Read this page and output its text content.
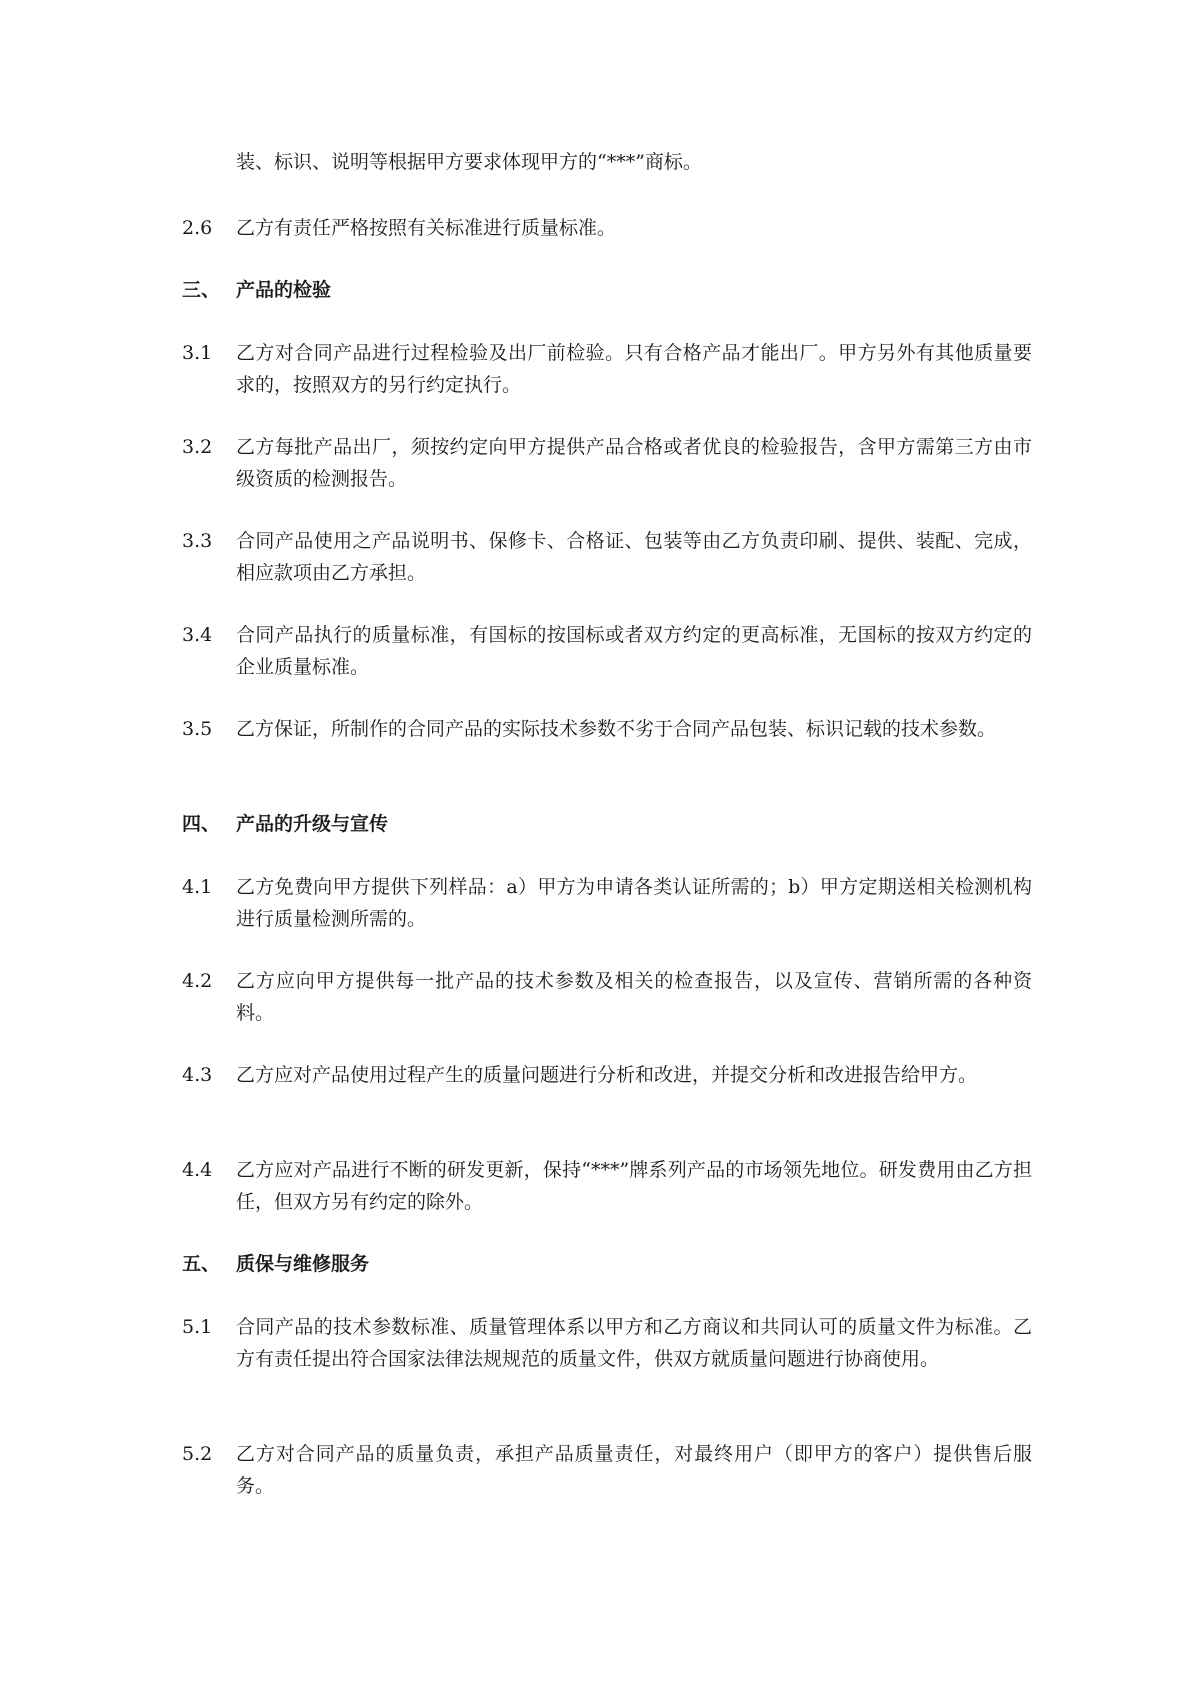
装、标识、说明等根据甲方要求体现甲方的“***”商标。
2.6	乙方有责任严格按照有关标准进行质量标准。
三、 产品的检验
3.1	乙方对合同产品进行过程检验及出厂前检验。只有合格产品才能出厂。甲方另外有其他质量要求的，按照双方的另行约定执行。
3.2	乙方每批产品出厂，须按约定向甲方提供产品合格或者优良的检验报告，含甲方需第三方由市级资质的检测报告。
3.3	合同产品使用之产品说明书、保修卡、合格证、包装等由乙方负责印刷、提供、装配、完成，相应款项由乙方承担。
3.4	合同产品执行的质量标准，有国标的按国标或者双方约定的更高标准，无国标的按双方约定的企业质量标准。
3.5	乙方保证，所制作的合同产品的实际技术参数不劣于合同产品包装、标识记载的技术参数。
四、 产品的升级与宣传
4.1	乙方免费向甲方提供下列样品：a）甲方为申请各类认证所需的；b）甲方定期送相关检测机构进行质量检测所需的。
4.2	乙方应向甲方提供每一批产品的技术参数及相关的检查报告，以及宣传、营销所需的各种资料。
4.3	乙方应对产品使用过程产生的质量问题进行分析和改进，并提交分析和改进报告给甲方。
4.4	乙方应对产品进行不断的研发更新，保持“***”牌系列产品的市场领先地位。研发费用由乙方担任，但双方另有约定的除外。
五、 质保与维修服务
5.1	合同产品的技术参数标准、质量管理体系以甲方和乙方商议和共同认可的质量文件为标准。乙方有责任提出符合国家法律法规规范的质量文件，供双方就质量问题进行协商使用。
5.2	乙方对合同产品的质量负责，承担产品质量责任，对最终用户（即甲方的客户）提供售后服务。
